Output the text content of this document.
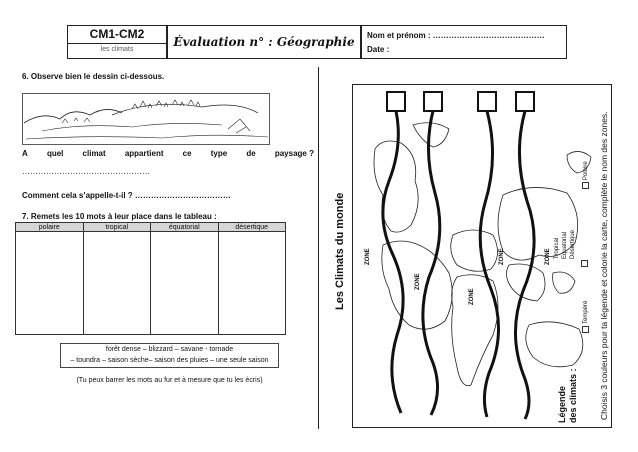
CM1-CM2
les climats
Évaluation n° : Géographie	Nom et prénom : ……………………………………
Date :
6. Observe bien le dessin ci-dessous.
A quel climat appartient ce type de paysage ?
…………………………………………
Comment cela s’appelle-t-il ? ………………………………
7. Remets les 10 mots à leur place dans le tableau :
polaire	tropical	équatorial	désertique

forêt dense – blizzard – savane - tornade
– toundra – saison sèche– saison des pluies – une seule saison
(Tu peux barrer les mots au fur et à mesure que tu les écris)
Les Climats du monde	ZONE
ZONE
ZONE
ZONE	ZONE
Légende des climats :
Tempéré
Tropical Equatorial Désertique
Polaire Choisis 3 couleurs pour ta légende et colorie la carte, complète le nom des zones.
